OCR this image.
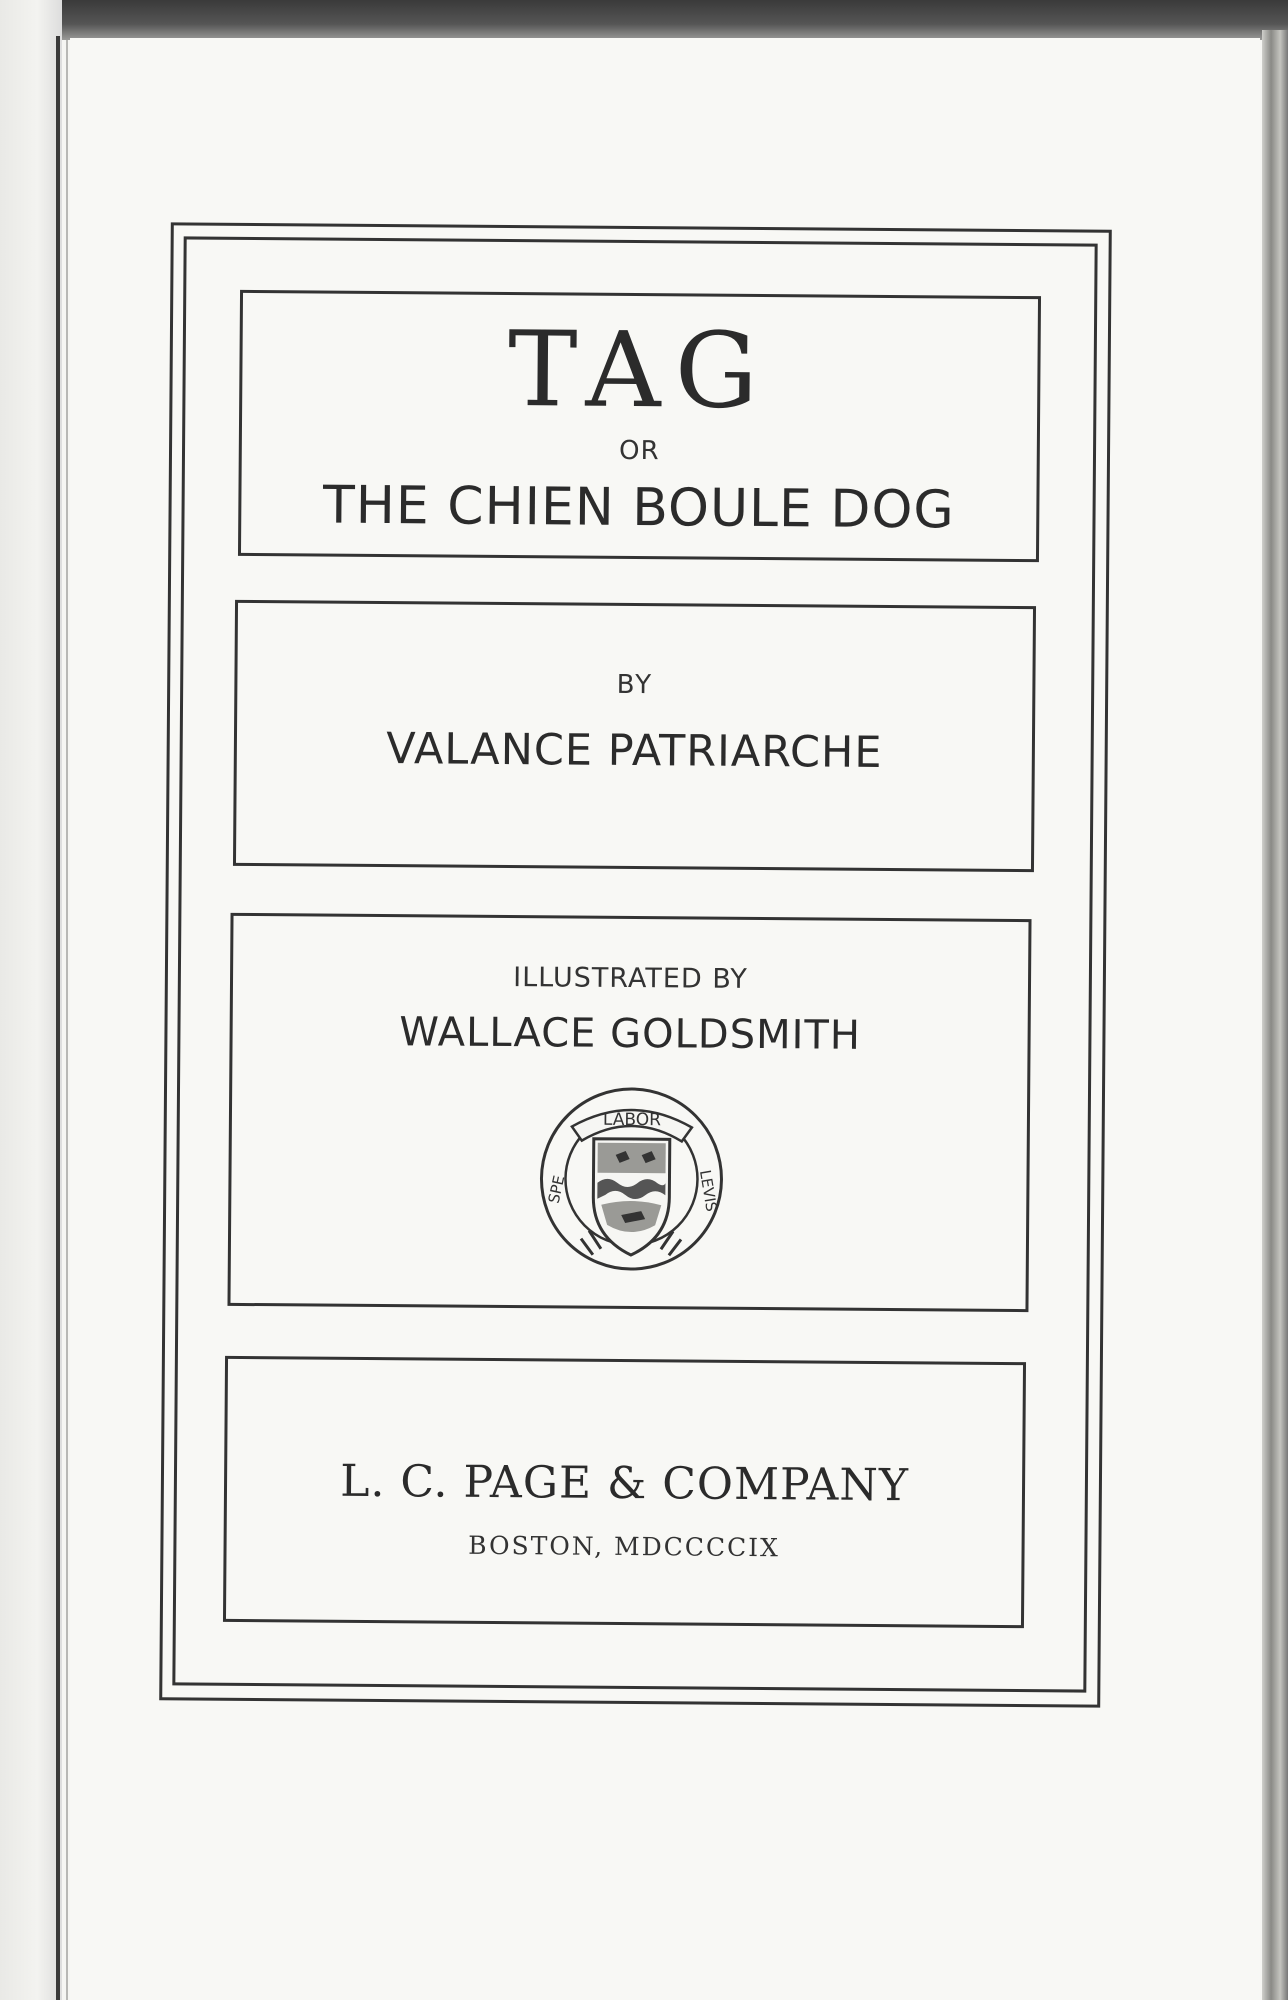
TAG
OR
THE CHIEN BOULE DOG
BY
VALANCE PATRIARCHE
ILLUSTRATED BY
WALLACE GOLDSMITH
LABOR
SPE	LEVIS
L. C. PAGE & COMPANY
BOSTON, MDCCCCIX
